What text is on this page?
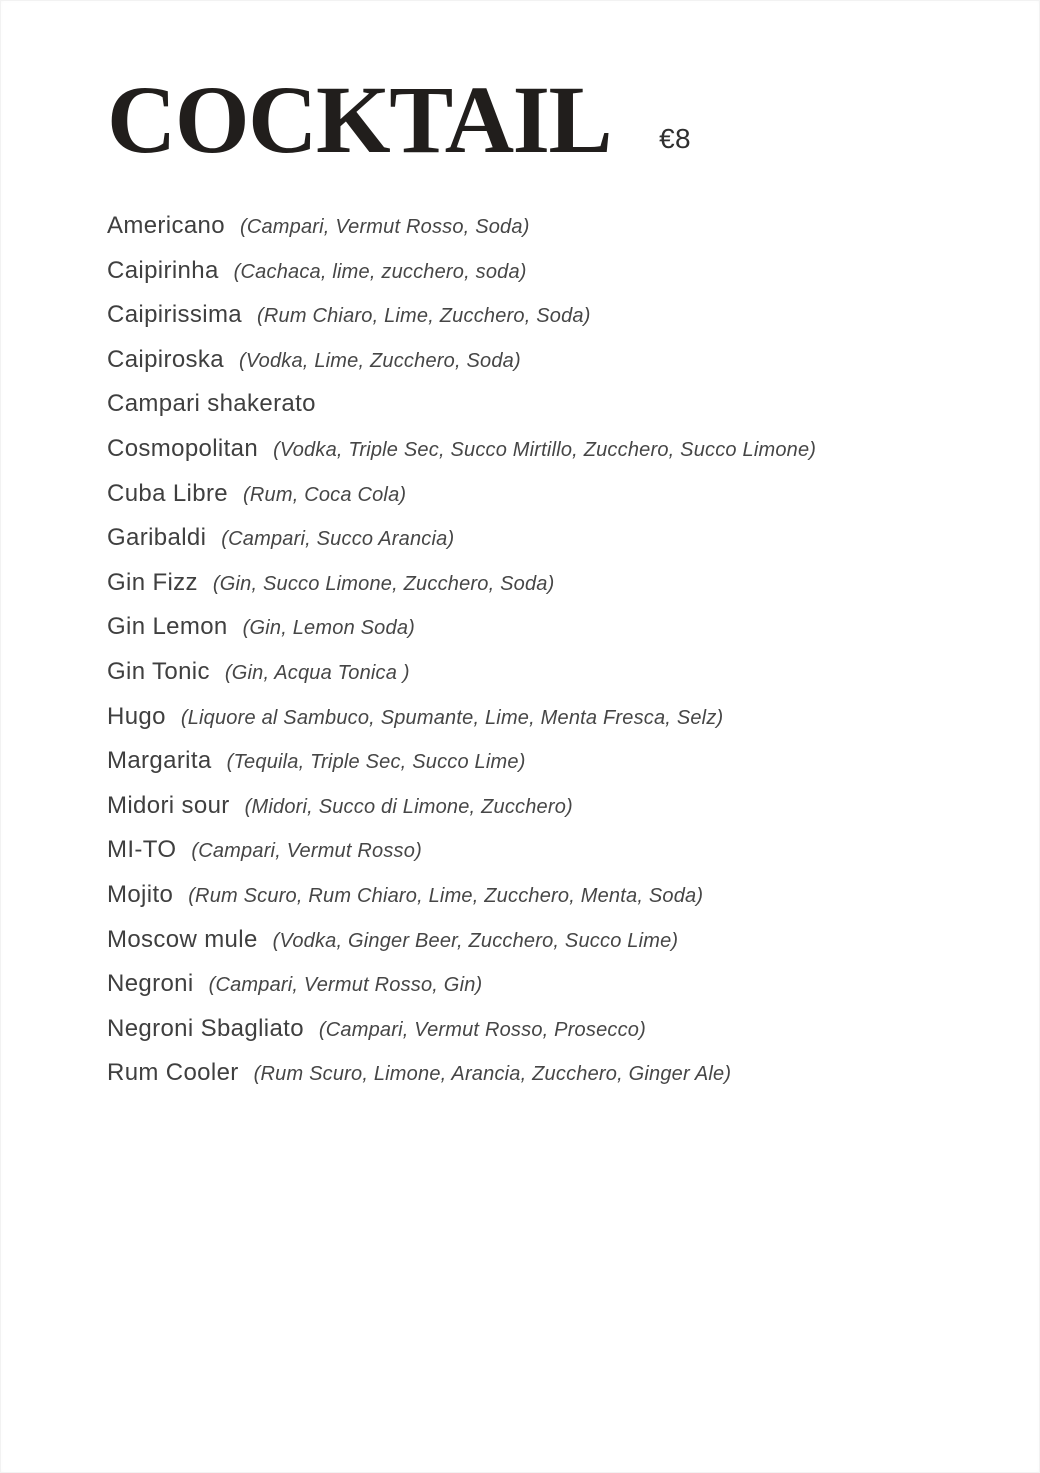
COCKTAIL €8
Americano (Campari, Vermut Rosso, Soda)
Caipirinha (Cachaca, lime, zucchero, soda)
Caipirissima (Rum Chiaro, Lime, Zucchero, Soda)
Caipiroska (Vodka, Lime, Zucchero, Soda)
Campari shakerato
Cosmopolitan (Vodka, Triple Sec, Succo Mirtillo, Zucchero, Succo Limone)
Cuba Libre (Rum, Coca Cola)
Garibaldi (Campari, Succo Arancia)
Gin Fizz (Gin, Succo Limone, Zucchero, Soda)
Gin Lemon (Gin, Lemon Soda)
Gin Tonic (Gin, Acqua Tonica )
Hugo (Liquore al Sambuco, Spumante, Lime, Menta Fresca, Selz)
Margarita (Tequila, Triple Sec, Succo Lime)
Midori sour (Midori, Succo di Limone, Zucchero)
MI-TO (Campari, Vermut Rosso)
Mojito (Rum Scuro, Rum Chiaro, Lime, Zucchero, Menta, Soda)
Moscow mule (Vodka, Ginger Beer, Zucchero, Succo Lime)
Negroni (Campari, Vermut Rosso, Gin)
Negroni Sbagliato (Campari, Vermut Rosso, Prosecco)
Rum Cooler (Rum Scuro, Limone, Arancia, Zucchero, Ginger Ale)
